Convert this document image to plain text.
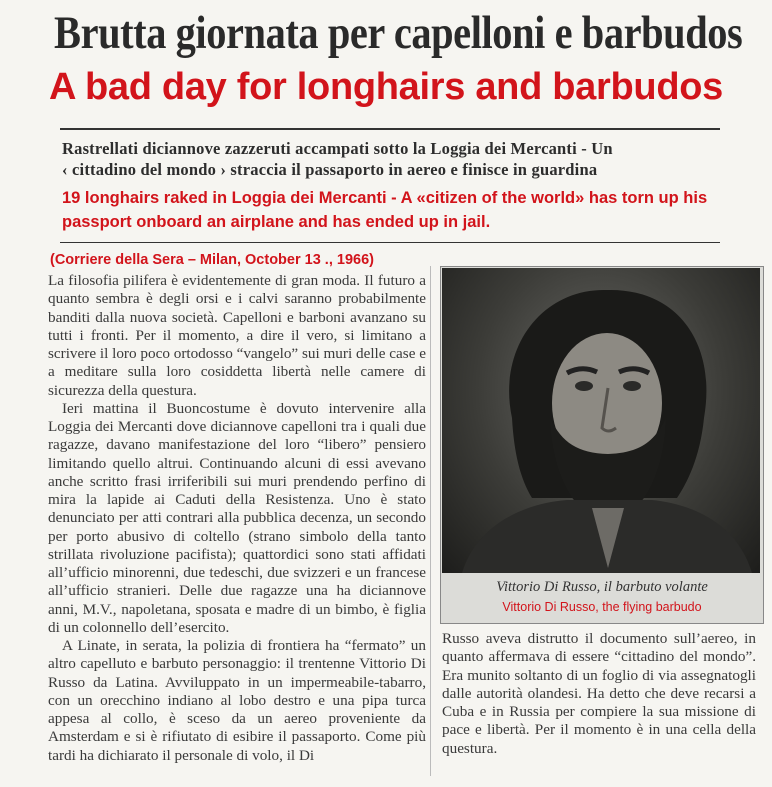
Brutta giornata per capelloni e barbudos
A bad day for longhairs and barbudos
Rastrellati diciannove zazzeruti accampati sotto la Loggia dei Mercanti - Un
‹ cittadino del mondo › straccia il passaporto in aereo e finisce in guardina
19 longhairs raked in Loggia dei Mercanti - A «citizen of the world» has torn up his
passport onboard an airplane and has ended up in jail.
(Corriere della Sera – Milan, October 13 ., 1966)

La filosofia pilifera è evidentemente di gran moda. Il futuro a quanto sembra è degli orsi e i calvi saranno probabilmente banditi dalla nuova società. Capelloni e barboni avanzano su tutti i fronti. Per il momento, a dire il vero, si limitano a scrivere il loro poco ortodosso “vangelo” sui muri delle case e a meditare sulla loro cosiddetta libertà nelle camere di sicurezza della questura.

Ieri mattina il Buoncostume è dovuto intervenire alla Loggia dei Mercanti dove diciannove capelloni tra i quali due ragazze, davano manifestazione del loro “libero” pensiero limitando quello altrui. Continuando alcuni di essi avevano anche scritto frasi irriferibili sui muri prendendo perfino di mira la lapide ai Caduti della Resistenza. Uno è stato denunciato per atti contrari alla pubblica decenza, un secondo per porto abusivo di coltello (strano simbolo della tanto strillata rivoluzione pacifista); quattordici sono stati affidati all’ufficio minorenni, due tedeschi, due svizzeri e un francese all’ufficio stranieri. Delle due ragazze una ha diciannove anni, M.V., napoletana, sposata e madre di un bimbo, è figlia di un colonnello dell’esercito.

A Linate, in serata, la polizia di frontiera ha “fermato” un altro capelluto e barbuto personaggio: il trentenne Vittorio Di Russo da Latina. Avviluppato in un impermeabile-tabarro, con un orecchino indiano al lobo destro e una pipa turca appesa al collo, è sceso da un aereo proveniente da Amsterdam e si è rifiutato di esibire il passaporto. Come più tardi ha dichiarato il personale di volo, il Di

Vittorio Di Russo, il barbuto volante
Vittorio Di Russo, the flying barbudo

Russo aveva distrutto il documento sull’aereo, in quanto affermava di essere “cittadino del mondo”. Era munito soltanto di un foglio di via assegnatogli dalle autorità olandesi. Ha detto che deve recarsi a Cuba e in Russia per compiere la sua missione di pace e libertà. Per il momento è in una cella della questura.
